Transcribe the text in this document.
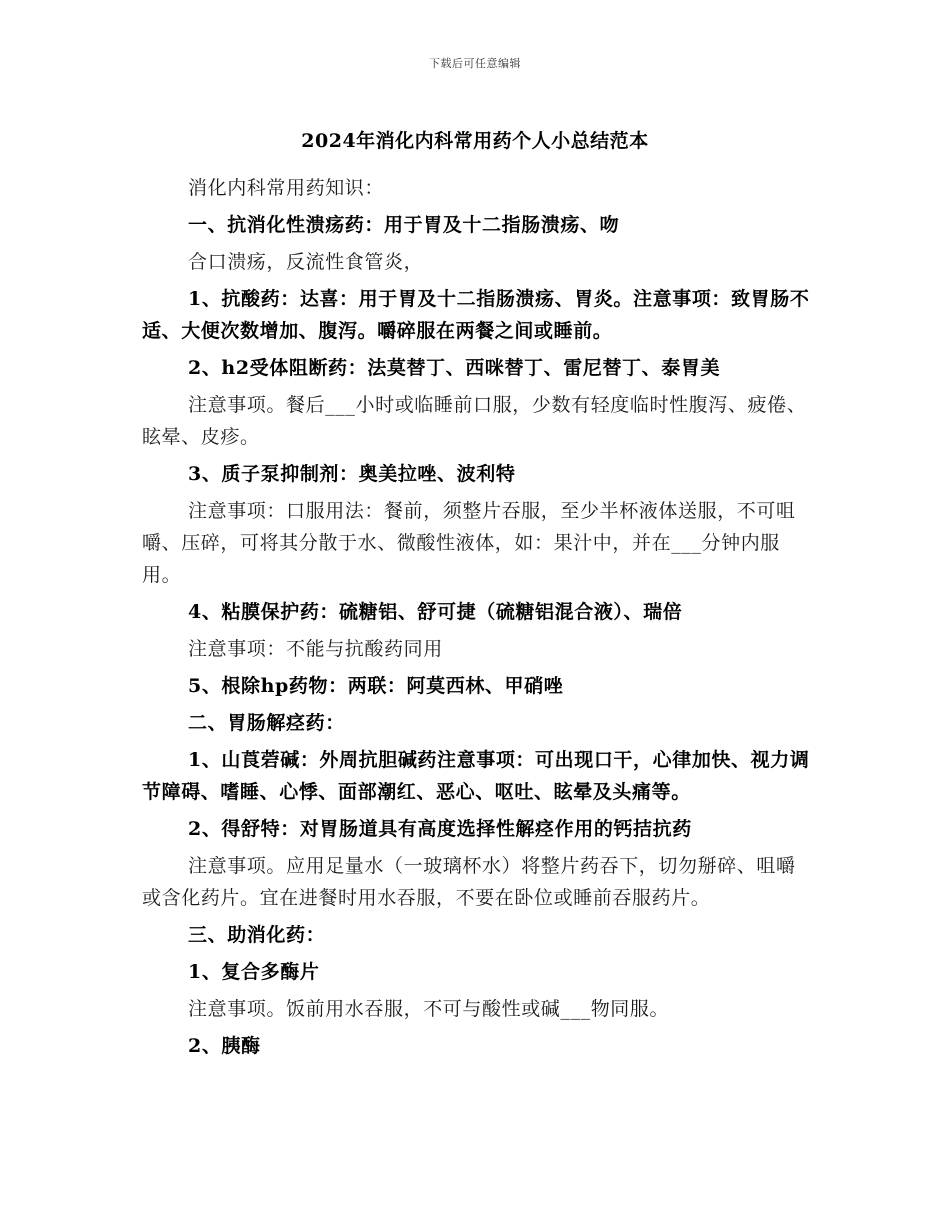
下载后可任意编辑
2024年消化内科常用药个人小总结范本

消化内科常用药知识：

一、抗消化性溃疡药：用于胃及十二指肠溃疡、吻

合口溃疡，反流性食管炎，

1、抗酸药：达喜：用于胃及十二指肠溃疡、胃炎。注意事项：致胃肠不适、大便次数增加、腹泻。嚼碎服在两餐之间或睡前。

2、h2受体阻断药：法莫替丁、西咪替丁、雷尼替丁、泰胃美

注意事项。餐后___小时或临睡前口服，少数有轻度临时性腹泻、疲倦、眩晕、皮疹。

3、质子泵抑制剂：奥美拉唑、波利特

注意事项：口服用法：餐前，须整片吞服，至少半杯液体送服，不可咀嚼、压碎，可将其分散于水、微酸性液体，如：果汁中，并在___分钟内服用。

4、粘膜保护药：硫糖铝、舒可捷（硫糖铝混合液）、瑞倍

注意事项：不能与抗酸药同用

5、根除hp药物：两联：阿莫西林、甲硝唑

二、胃肠解痉药：

1、山莨菪碱：外周抗胆碱药注意事项：可出现口干，心律加快、视力调节障碍、嗜睡、心悸、面部潮红、恶心、呕吐、眩晕及头痛等。

2、得舒特：对胃肠道具有高度选择性解痉作用的钙拮抗药

注意事项。应用足量水（一玻璃杯水）将整片药吞下，切勿掰碎、咀嚼或含化药片。宜在进餐时用水吞服，不要在卧位或睡前吞服药片。

三、助消化药：

1、复合多酶片

注意事项。饭前用水吞服，不可与酸性或碱___物同服。

2、胰酶
